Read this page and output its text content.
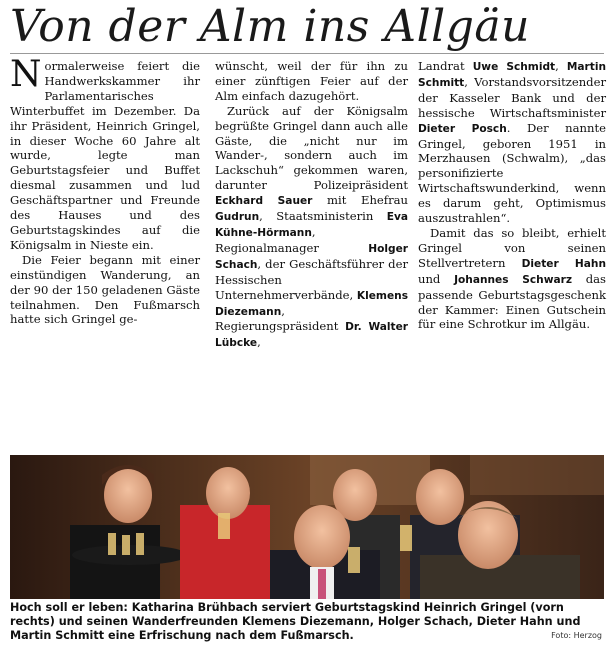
Von der Alm ins Allgäu

Normalerweise feiert die Handwerkskammer ihr Parlamentarisches Winterbuffet im Dezember. Da ihr Präsident, Heinrich Gringel, in dieser Woche 60 Jahre alt wurde, legte man Geburtstagsfeier und Buffet diesmal zusammen und lud Geschäftspartner und Freunde des Hauses und des Geburtstagskindes auf die Königsalm in Nieste ein.

Die Feier begann mit einer einstündigen Wanderung, an der 90 der 150 geladenen Gäste teilnahmen. Den Fußmarsch hatte sich Gringel ge-

wünscht, weil der für ihn zu einer zünftigen Feier auf der Alm einfach dazugehört.

Zurück auf der Königsalm begrüßte Gringel dann auch alle Gäste, die „nicht nur im Wander-, sondern auch im Lackschuh“ gekommen waren, darunter Polizeipräsident Eckhard Sauer mit Ehefrau Gudrun, Staatsministerin Eva Kühne-Hörmann, Regionalmanager Holger Schach, der Geschäftsführer der Hessischen Unternehmerverbände, Klemens Diezemann, Regierungspräsident Dr. Walter Lübcke,

Landrat Uwe Schmidt, Martin Schmitt, Vorstandsvorsitzender der Kasseler Bank und der hessische Wirtschaftsminister Dieter Posch. Der nannte Gringel, geboren 1951 in Merzhausen (Schwalm), „das personifizierte Wirtschaftswunderkind, wenn es darum geht, Optimismus auszustrahlen“.

Damit das so bleibt, erhielt Gringel von seinen Stellvertretern Dieter Hahn und Johannes Schwarz das passende Geburtstagsgeschenk der Kammer: Einen Gutschein für eine Schrotkur im Allgäu.

Hoch soll er leben: Katharina Brühbach serviert Geburtstagskind Heinrich Gringel (vorn rechts) und seinen Wanderfreunden Klemens Diezemann, Holger Schach, Dieter Hahn und Martin Schmitt eine Erfrischung nach dem Fußmarsch.	Foto: Herzog
